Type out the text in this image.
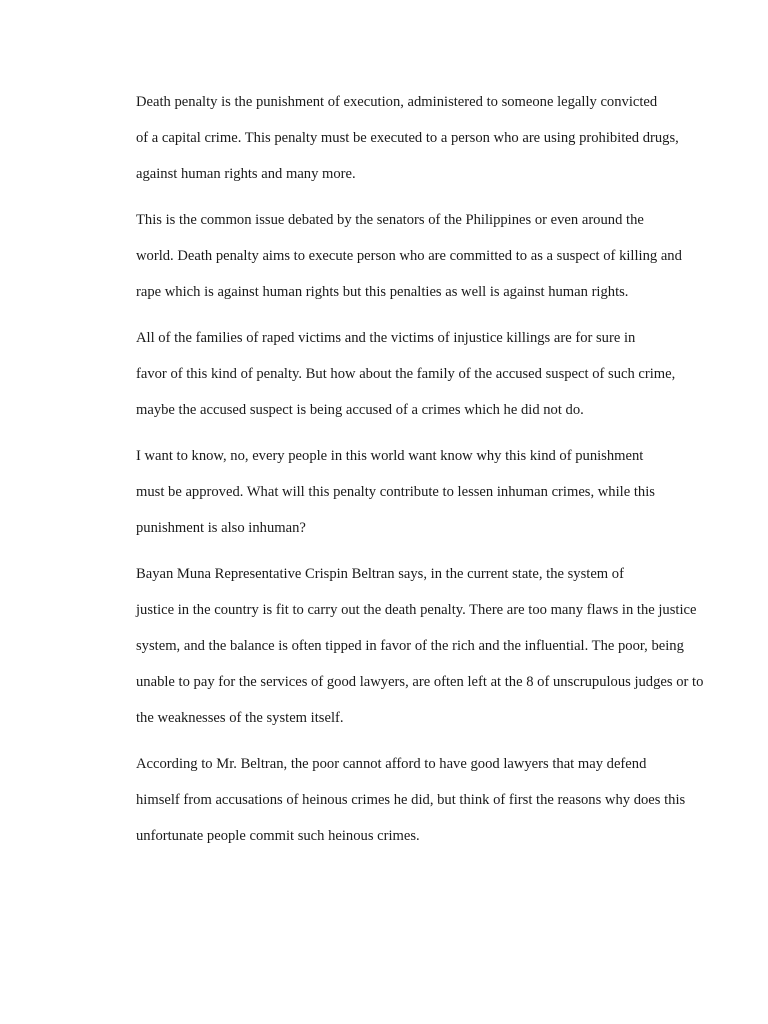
Death penalty is the punishment of execution, administered to someone legally convicted
of a capital crime. This penalty must be executed to a person who are using prohibited drugs,
against human rights and many more.

This is the common issue debated by the senators of the Philippines or even around the
world. Death penalty aims to execute person who are committed to as a suspect of killing and
rape which is against human rights but this penalties as well is against human rights.

All of the families of raped victims and the victims of injustice killings are for sure in
favor of this kind of penalty. But how about the family of the accused suspect of such crime,
maybe the accused suspect is being accused of a crimes which he did not do.

I want to know, no, every people in this world want know why this kind of punishment
must be approved. What will this penalty contribute to lessen inhuman crimes, while this
punishment is also inhuman?

Bayan Muna Representative Crispin Beltran says, in the current state, the system of
justice in the country is fit to carry out the death penalty. There are too many flaws in the justice
system, and the balance is often tipped in favor of the rich and the influential. The poor, being
unable to pay for the services of good lawyers, are often left at the 8 of unscrupulous judges or to
the weaknesses of the system itself.

According to Mr. Beltran, the poor cannot afford to have good lawyers that may defend
himself from accusations of heinous crimes he did, but think of first the reasons why does this
unfortunate people commit such heinous crimes.
